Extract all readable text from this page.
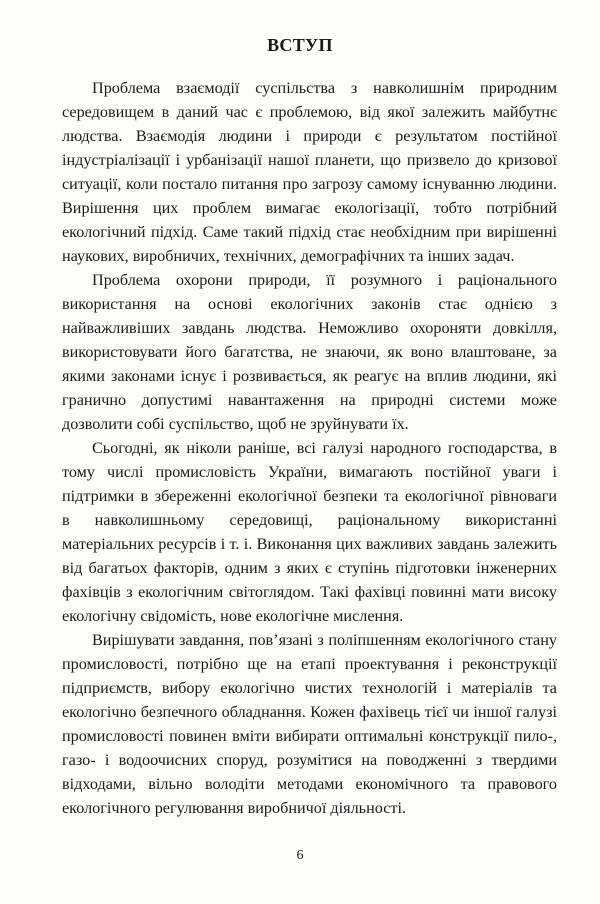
ВСТУП
Проблема взаємодії суспільства з навколишнім природним
середовищем в даний час є проблемою, від якої залежить майбутнє
людства. Взаємодія людини і природи є результатом постійної
індустріалізації і урбанізації нашої планети, що призвело до кризової
ситуації, коли постало питання про загрозу самому існуванню людини.
Вирішення цих проблем вимагає екологізації, тобто потрібний
екологічний підхід. Саме такий підхід стає необхідним при вирішенні
наукових, виробничих, технічних, демографічних та інших задач.
Проблема охорони природи, її розумного і раціонального
використання на основі екологічних законів стає однією з
найважливіших завдань людства. Неможливо охороняти довкілля,
використовувати його багатства, не знаючи, як воно влаштоване, за
якими законами існує і розвивається, як реагує на вплив людини, які
гранично допустимі навантаження на природні системи може
дозволити собі суспільство, щоб не зруйнувати їх.
Сьогодні, як ніколи раніше, всі галузі народного господарства, в
тому числі промисловість України, вимагають постійної уваги і
підтримки в збереженні екологічної безпеки та екологічної рівноваги
в навколишньому середовищі, раціональному використанні
матеріальних ресурсів і т. і. Виконання цих важливих завдань залежить
від багатьох факторів, одним з яких є ступінь підготовки інженерних
фахівців з екологічним світоглядом. Такі фахівці повинні мати високу
екологічну свідомість, нове екологічне мислення.
Вирішувати завдання, пов’язані з поліпшенням екологічного стану
промисловості, потрібно ще на етапі проектування і реконструкції
підприємств, вибору екологічно чистих технологій і матеріалів та
екологічно безпечного обладнання. Кожен фахівець тієї чи іншої галузі
промисловості повинен вміти вибирати оптимальні конструкції пило-,
газо- і водоочисних споруд, розумітися на поводженні з твердими
відходами, вільно володіти методами економічного та правового
екологічного регулювання виробничої діяльності.
6
